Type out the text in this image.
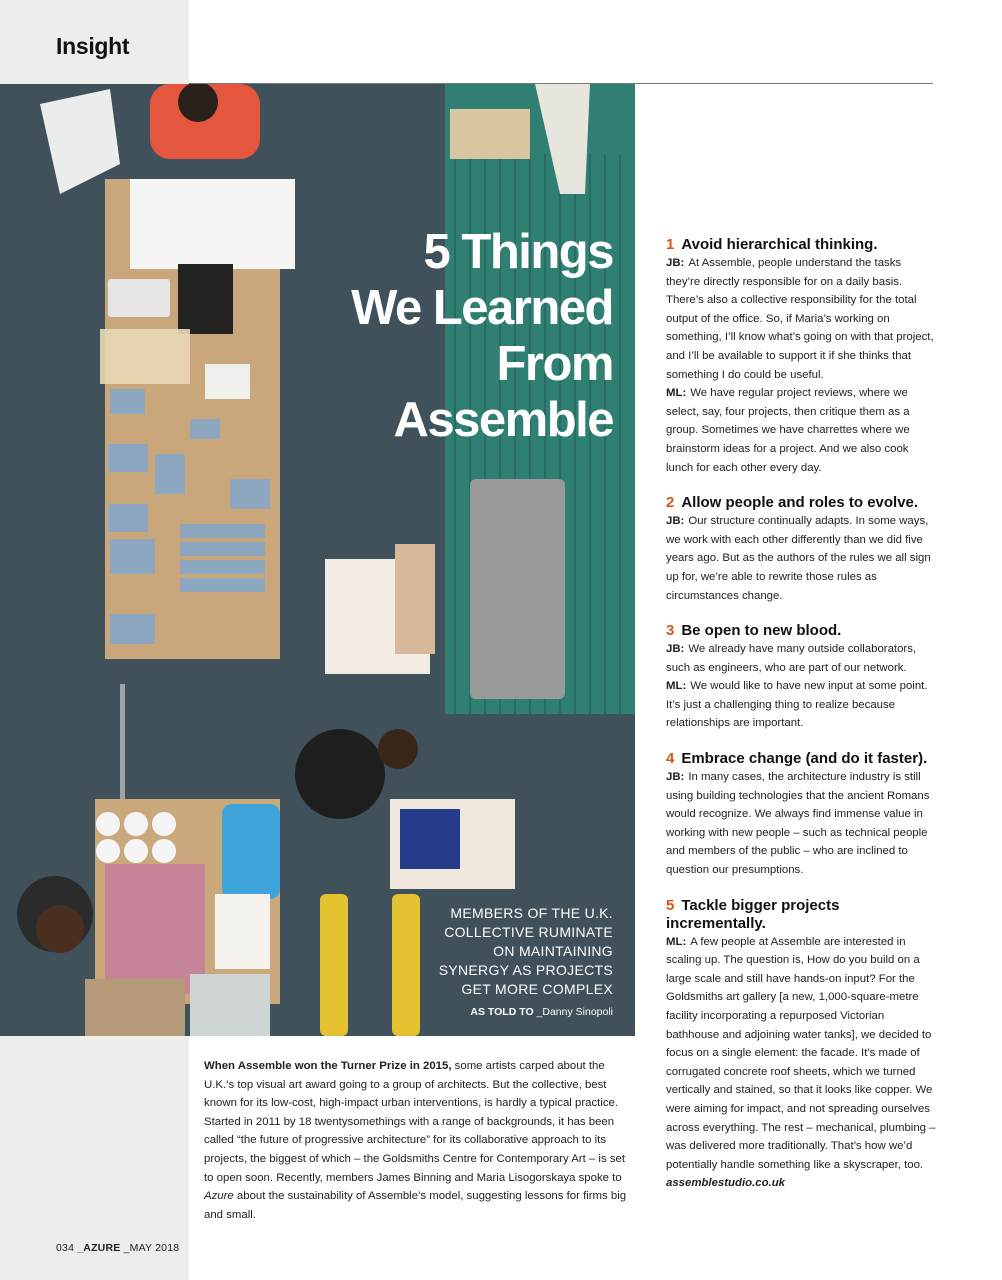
Insight
5 Things
We Learned
From
Assemble
MEMBERS OF THE U.K.
COLLECTIVE RUMINATE
ON MAINTAINING
SYNERGY AS PROJECTS
GET MORE COMPLEX
AS TOLD TO _Danny Sinopoli
When Assemble won the Turner Prize in 2015, some artists carped about the U.K.’s top visual art award going to a group of architects. But the collective, best known for its low-cost, high-impact urban interventions, is hardly a typical practice. Started in 2011 by 18 twentysomethings with a range of backgrounds, it has been called “the future of progressive architecture” for its collaborative approach to its projects, the biggest of which – the Goldsmiths Centre for Contemporary Art – is set to open soon. Recently, members James Binning and Maria Lisogorskaya spoke to Azure about the sustainability of Assemble’s model, suggesting lessons for firms big and small.
1 Avoid hierarchical thinking.

JB: At Assemble, people understand the tasks they’re directly responsible for on a daily basis. There’s also a collective responsibility for the total output of the office. So, if Maria’s working on something, I’ll know what’s going on with that project, and I’ll be available to support it if she thinks that something I do could be useful.

ML: We have regular project reviews, where we select, say, four projects, then critique them as a group. Sometimes we have charrettes where we brainstorm ideas for a project. And we also cook lunch for each other every day.

2 Allow people and roles to evolve.

JB: Our structure continually adapts. In some ways, we work with each other differently than we did five years ago. But as the authors of the rules we all sign up for, we’re able to rewrite those rules as circumstances change.

3 Be open to new blood.

JB: We already have many outside collaborators, such as engineers, who are part of our network.

ML: We would like to have new input at some point. It’s just a challenging thing to realize because relationships are important.

4 Embrace change (and do it faster).

JB: In many cases, the architecture industry is still using building technologies that the ancient Romans would recognize. We always find immense value in working with new people – such as technical people and members of the public – who are inclined to question our presumptions.

5 Tackle bigger projects incrementally.

ML: A few people at Assemble are interested in scaling up. The question is, How do you build on a large scale and still have hands-on input? For the Goldsmiths art gallery [a new, 1,000-square-metre facility incorporating a repurposed Victorian bathhouse and adjoining water tanks], we decided to focus on a single element: the facade. It’s made of corrugated concrete roof sheets, which we turned vertically and stained, so that it looks like copper. We were aiming for impact, and not spreading ourselves across everything. The rest – mechanical, plumbing – was delivered more traditionally. That’s how we’d potentially handle something like a skyscraper, too.  assemblestudio.co.uk

034 _AZURE _MAY 2018
